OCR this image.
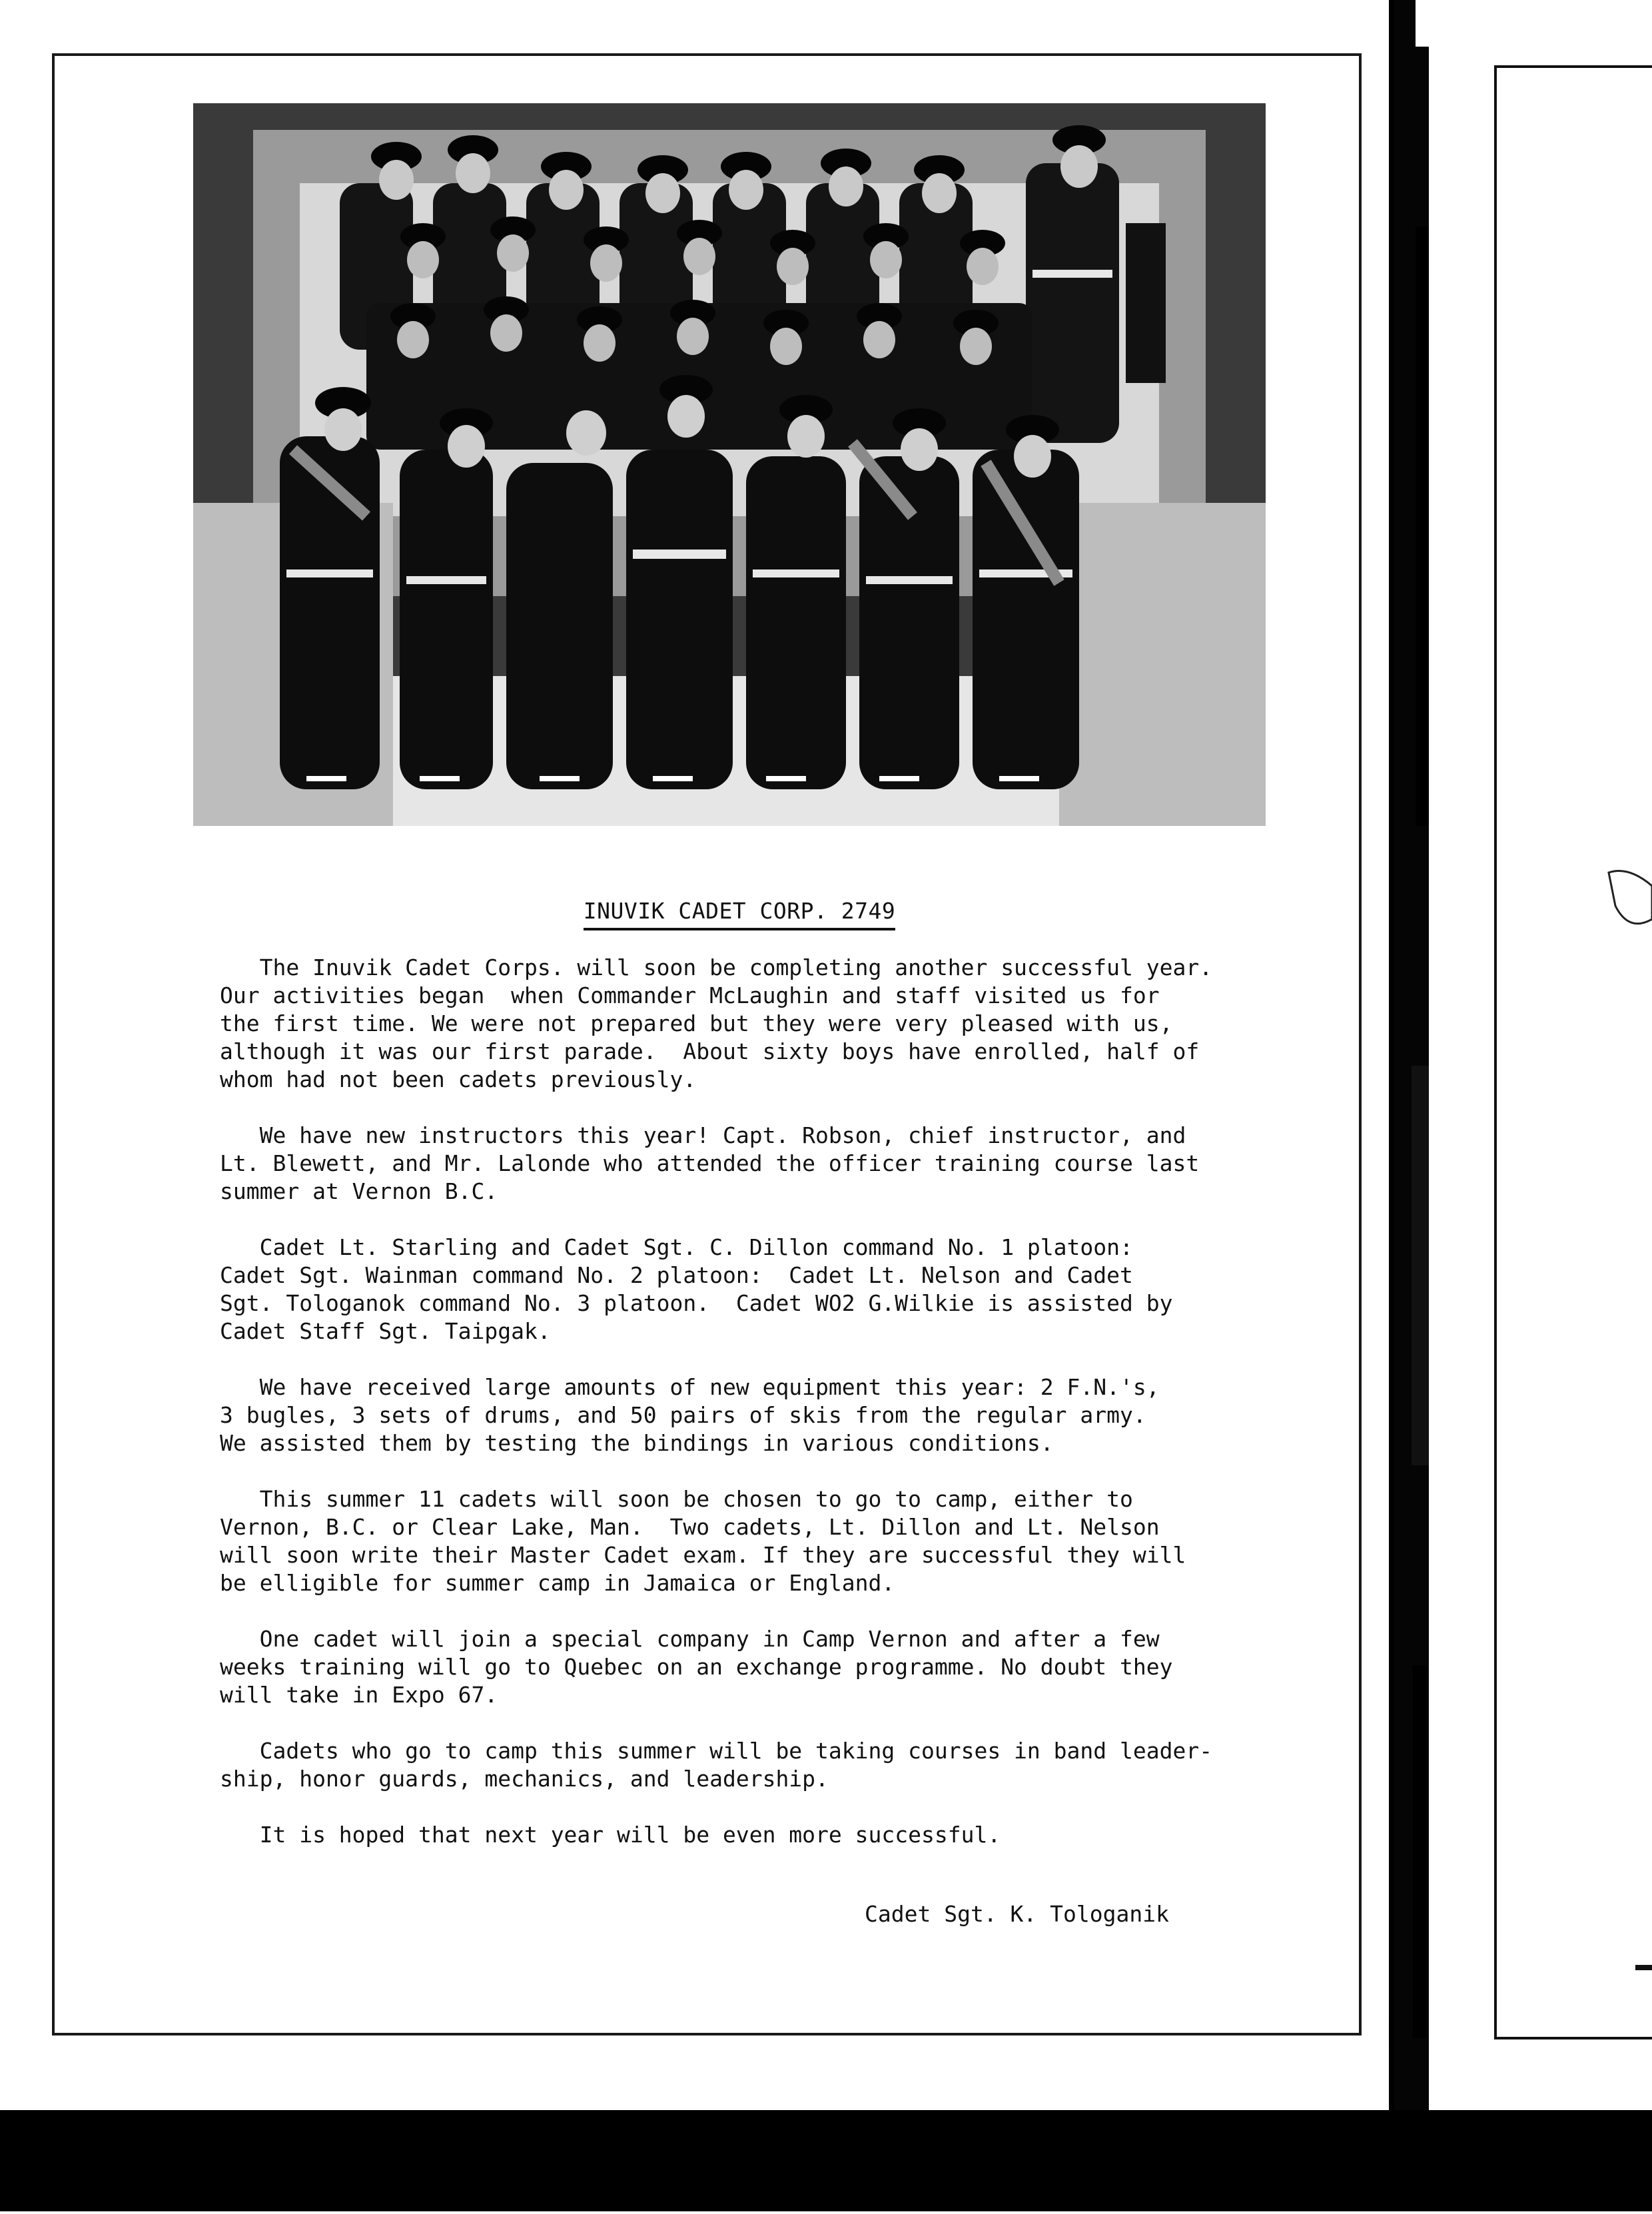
INUVIK CADET CORP. 2749

The Inuvik Cadet Corps. will soon be completing another successful year.
Our activities began  when Commander McLaughin and staff visited us for
the first time. We were not prepared but they were very pleased with us,
although it was our first parade.  About sixty boys have enrolled, half of
whom had not been cadets previously.

We have new instructors this year! Capt. Robson, chief instructor, and
Lt. Blewett, and Mr. Lalonde who attended the officer training course last
summer at Vernon B.C.

Cadet Lt. Starling and Cadet Sgt. C. Dillon command No. 1 platoon:
Cadet Sgt. Wainman command No. 2 platoon:  Cadet Lt. Nelson and Cadet
Sgt. Tologanok command No. 3 platoon.  Cadet WO2 G.Wilkie is assisted by
Cadet Staff Sgt. Taipgak.

We have received large amounts of new equipment this year: 2 F.N.'s,
3 bugles, 3 sets of drums, and 50 pairs of skis from the regular army.
We assisted them by testing the bindings in various conditions.

This summer 11 cadets will soon be chosen to go to camp, either to
Vernon, B.C. or Clear Lake, Man.  Two cadets, Lt. Dillon and Lt. Nelson
will soon write their Master Cadet exam. If they are successful they will
be elligible for summer camp in Jamaica or England.

One cadet will join a special company in Camp Vernon and after a few
weeks training will go to Quebec on an exchange programme. No doubt they
will take in Expo 67.

Cadets who go to camp this summer will be taking courses in band leader-
ship, honor guards, mechanics, and leadership.

It is hoped that next year will be even more successful.

Cadet Sgt. K. Tologanik
